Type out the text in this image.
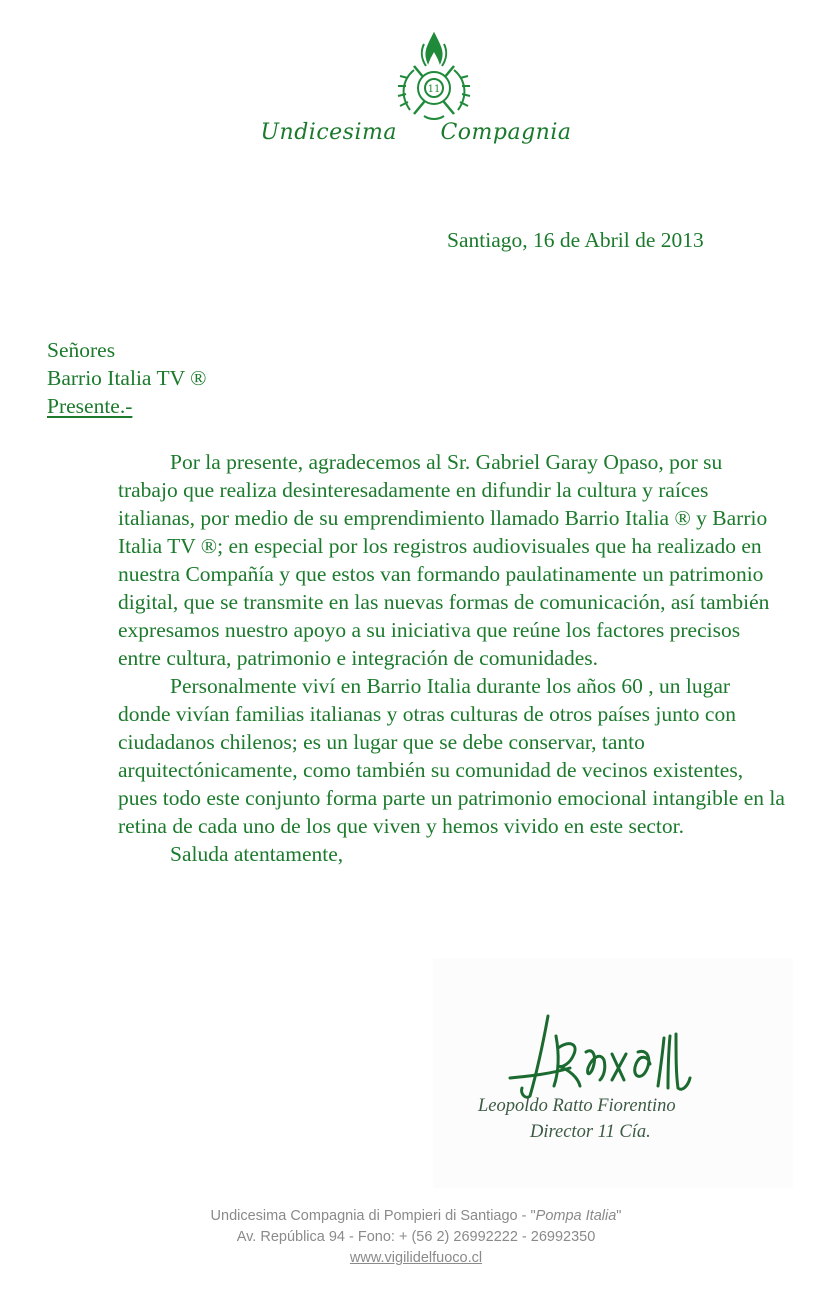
11
Undicesima Compagnia
Santiago, 16 de Abril de 2013
Señores
Barrio Italia TV ®
Presente.-

Por la presente, agradecemos al Sr. Gabriel Garay Opaso, por su trabajo que realiza desinteresadamente en difundir la cultura y raíces italianas, por medio de su emprendimiento llamado Barrio Italia ® y Barrio Italia TV ®; en especial por los registros audiovisuales que ha realizado en nuestra Compañía y que estos van formando paulatinamente un patrimonio digital, que se transmite en las nuevas formas de comunicación, así también expresamos nuestro apoyo a su iniciativa que reúne los factores precisos entre cultura, patrimonio e integración de comunidades.

Personalmente viví en Barrio Italia durante los años 60 , un lugar donde vivían familias italianas y otras culturas de otros países junto con ciudadanos chilenos; es un lugar que se debe conservar, tanto arquitectónicamente, como también su comunidad de vecinos existentes, pues todo este conjunto forma parte un patrimonio emocional intangible en la retina de cada uno de los que viven y hemos vivido en este sector.

Saluda atentamente,

Leopoldo Ratto Fiorentino
Director 11 Cía.
Undicesima Compagnia di Pompieri di Santiago - "Pompa Italia"
Av. República 94 - Fono: + (56 2) 26992222 - 26992350
www.vigilidelfuoco.cl
